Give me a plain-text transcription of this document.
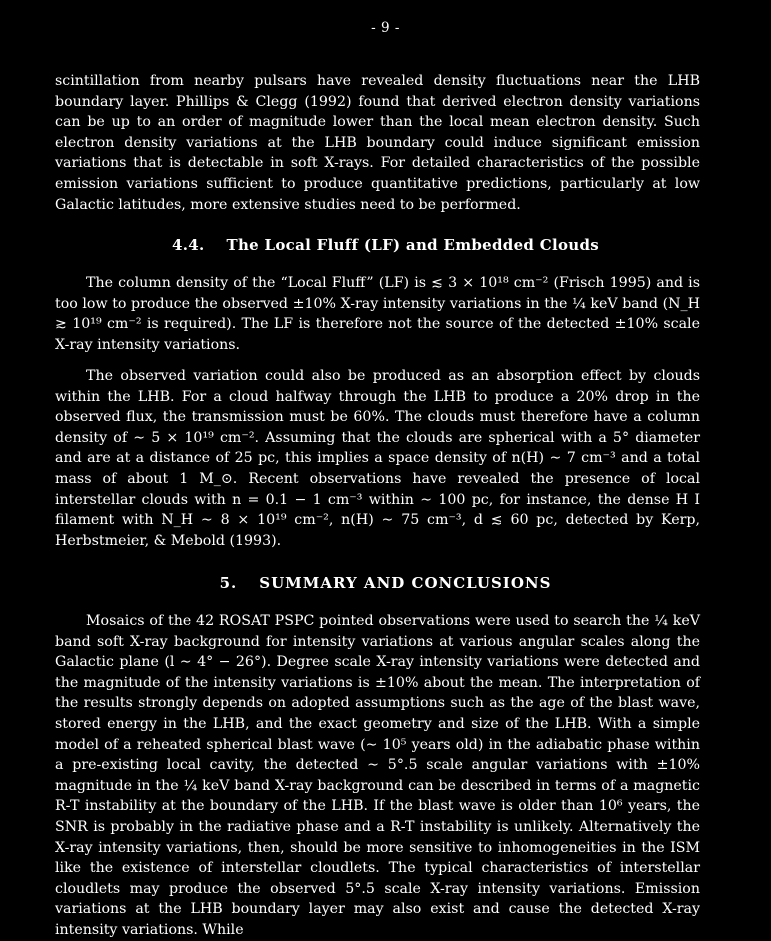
- 9 -
scintillation from nearby pulsars have revealed density fluctuations near the LHB boundary layer. Phillips & Clegg (1992) found that derived electron density variations can be up to an order of magnitude lower than the local mean electron density. Such electron density variations at the LHB boundary could induce significant emission variations that is detectable in soft X-rays. For detailed characteristics of the possible emission variations sufficient to produce quantitative predictions, particularly at low Galactic latitudes, more extensive studies need to be performed.
4.4. The Local Fluff (LF) and Embedded Clouds
The column density of the “Local Fluff” (LF) is ≲ 3 × 10¹⁸ cm⁻² (Frisch 1995) and is too low to produce the observed ±10% X-ray intensity variations in the ¼ keV band (N_H ≳ 10¹⁹ cm⁻² is required). The LF is therefore not the source of the detected ±10% scale X-ray intensity variations.
The observed variation could also be produced as an absorption effect by clouds within the LHB. For a cloud halfway through the LHB to produce a 20% drop in the observed flux, the transmission must be 60%. The clouds must therefore have a column density of ∼ 5 × 10¹⁹ cm⁻². Assuming that the clouds are spherical with a 5° diameter and are at a distance of 25 pc, this implies a space density of n(H) ∼ 7 cm⁻³ and a total mass of about 1 M_⊙. Recent observations have revealed the presence of local interstellar clouds with n = 0.1 − 1 cm⁻³ within ∼ 100 pc, for instance, the dense H I filament with N_H ∼ 8 × 10¹⁹ cm⁻², n(H) ∼ 75 cm⁻³, d ≲ 60 pc, detected by Kerp, Herbstmeier, & Mebold (1993).
5. SUMMARY AND CONCLUSIONS
Mosaics of the 42 ROSAT PSPC pointed observations were used to search the ¼ keV band soft X-ray background for intensity variations at various angular scales along the Galactic plane (l ∼ 4° − 26°). Degree scale X-ray intensity variations were detected and the magnitude of the intensity variations is ±10% about the mean. The interpretation of the results strongly depends on adopted assumptions such as the age of the blast wave, stored energy in the LHB, and the exact geometry and size of the LHB. With a simple model of a reheated spherical blast wave (∼ 10⁵ years old) in the adiabatic phase within a pre-existing local cavity, the detected ∼ 5°.5 scale angular variations with ±10% magnitude in the ¼ keV band X-ray background can be described in terms of a magnetic R-T instability at the boundary of the LHB. If the blast wave is older than 10⁶ years, the SNR is probably in the radiative phase and a R-T instability is unlikely. Alternatively the X-ray intensity variations, then, should be more sensitive to inhomogeneities in the ISM like the existence of interstellar cloudlets. The typical characteristics of interstellar cloudlets may produce the observed 5°.5 scale X-ray intensity variations. Emission variations at the LHB boundary layer may also exist and cause the detected X-ray intensity variations. While
